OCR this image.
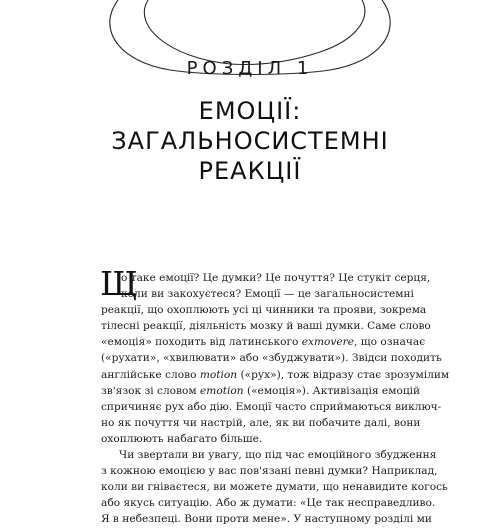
РОЗДІЛ 1
ЕМОЦІЇ:
ЗАГАЛЬНОСИСТЕМНІ
РЕАКЦІЇ
Щ
о таке емоції? Це думки? Це почуття? Це стукіт серця,
коли ви закохуєтеся? Емоції — це загальносистемні
реакції, що охоплюють усі ці чинники та прояви, зокрема
тілесні реакції, діяльність мозку й ваші думки. Саме слово
«емоція» походить від латинського exmovere, що означає
(«рухати», «хвилювати» або «збуджувати»). Звідси походить
англійське слово motion («рух»), тож відразу стає зрозумілим
зв'язок зі словом emotion («емоція»). Активізація емоцій
спричиняє рух або дію. Емоції часто сприймаються виключ-
но як почуття чи настрій, але, як ви побачите далі, вони
охоплюють набагато більше.
Чи звертали ви увагу, що під час емоційного збудження
з кожною емоцією у вас пов'язані певні думки? Наприклад,
коли ви гніваєтеся, ви можете думати, що ненавидите когось
або якусь ситуацію. Або ж думати: «Це так несправедливо.
Я в небезпеці. Вони проти мене». У наступному розділі ми
